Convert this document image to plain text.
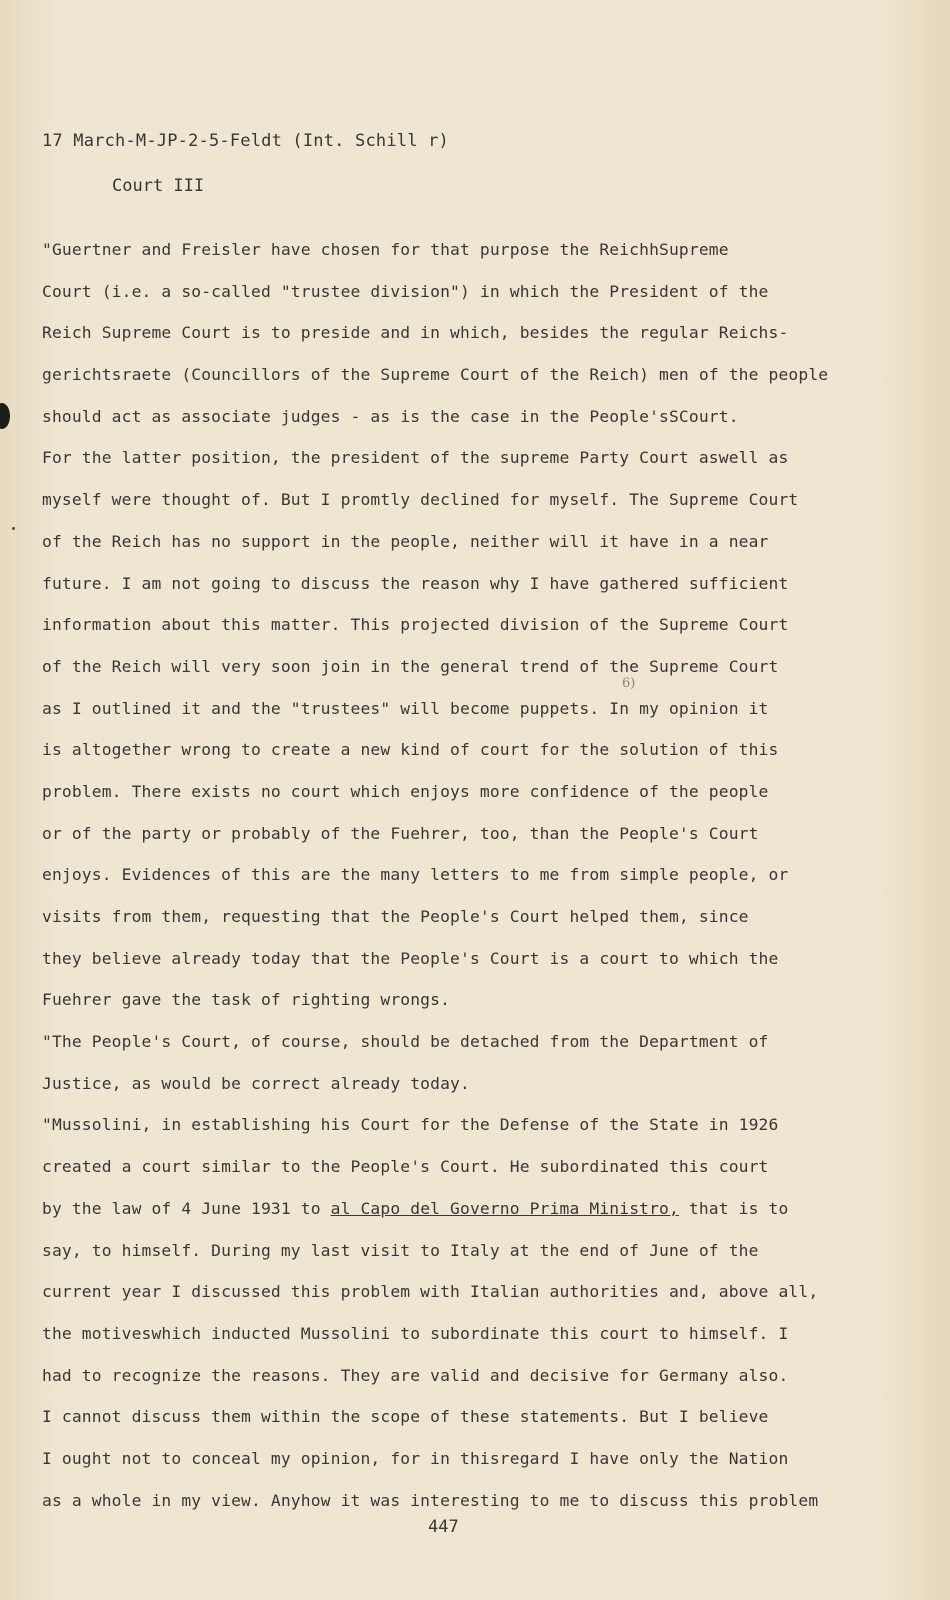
17 March-M-JP-2-5-Feldt (Int. Schill r)
Court III
6)
"Guertner and Freisler have chosen for that purpose the ReichhSupreme
Court (i.e. a so-called "trustee division") in which the President of the
Reich Supreme Court is to preside and in which, besides the regular Reichs-
gerichtsraete (Councillors of the Supreme Court of the Reich) men of the people
should act as associate judges - as is the case in the People'sSCourt.
For the latter position, the president of the supreme Party Court aswell as
myself were thought of. But I promtly declined for myself. The Supreme Court
of the Reich has no support in the people, neither will it have in a near
future. I am not going to discuss the reason why I have gathered sufficient
information about this matter. This projected division of the Supreme Court
of the Reich will very soon join in the general trend of the Supreme Court
as I outlined it and the "trustees" will become puppets. In my opinion it
is altogether wrong to create a new kind of court for the solution of this
problem. There exists no court which enjoys more confidence of the people
or of the party or probably of the Fuehrer, too, than the People's Court
enjoys. Evidences of this are the many letters to me from simple people, or
visits from them, requesting that the People's Court helped them, since
they believe already today that the People's Court is a court to which the
Fuehrer gave the task of righting wrongs.
"The People's Court, of course, should be detached from the Department of
Justice, as would be correct already today.
"Mussolini, in establishing his Court for the Defense of the State in 1926
created a court similar to the People's Court. He subordinated this court
by the law of 4 June 1931 to al Capo del Governo Prima Ministro, that is to
say, to himself. During my last visit to Italy at the end of June of the
current year I discussed this problem with Italian authorities and, above all,
the motiveswhich inducted Mussolini to subordinate this court to himself. I
had to recognize the reasons. They are valid and decisive for Germany also.
I cannot discuss them within the scope of these statements. But I believe
I ought not to conceal my opinion, for in thisregard I have only the Nation
as a whole in my view. Anyhow it was interesting to me to discuss this problem
447
